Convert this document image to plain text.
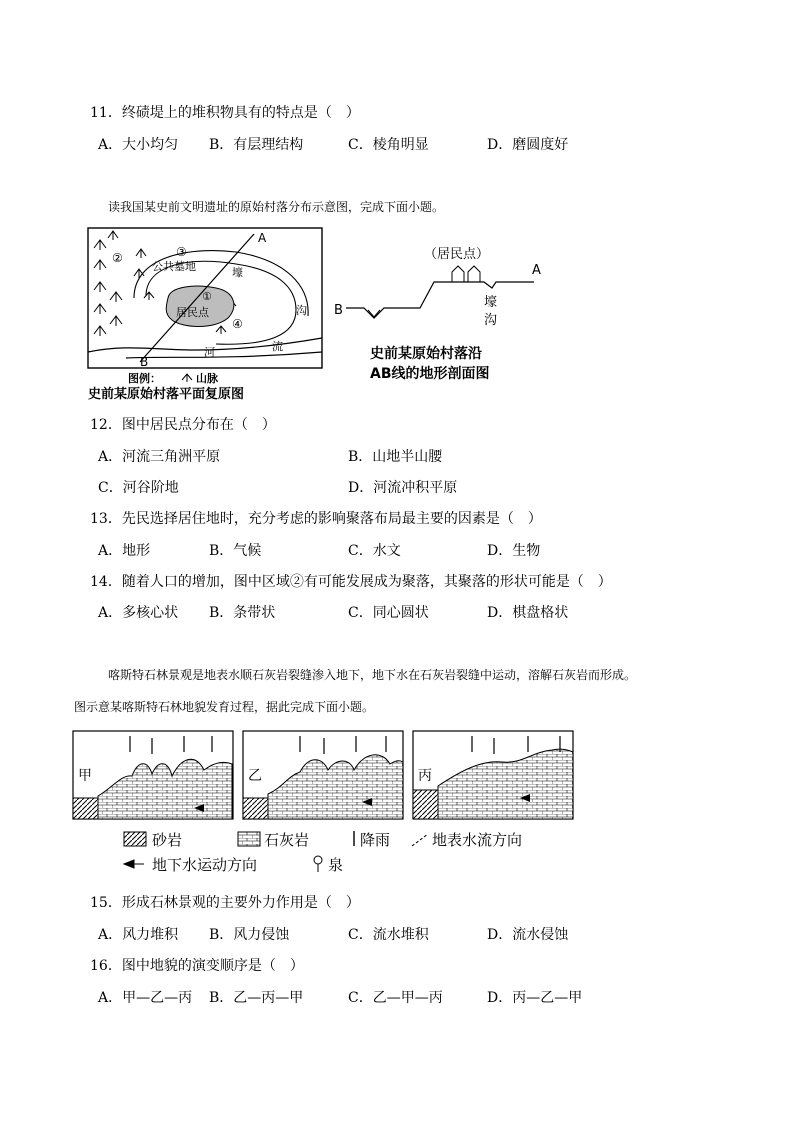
11．终碛堤上的堆积物具有的特点是（　）
A．大小均匀 B．有层理结构	C．棱角明显	D．磨圆度好
读我国某史前文明遗址的原始村落分布示意图，完成下面小题。
A
B
②	③
①
④
公共墓地	壕
沟
居民点
河	流
图例：	山脉
史前某原始村落平面复原图
（居民点）
A
B
壕
沟
史前某原始村落沿
AB线的地形剖面图
12．图中居民点分布在（　）
A．河流三角洲平原	B．山地半山腰
C．河谷阶地	D．河流冲积平原
13．先民选择居住地时，充分考虑的影响聚落布局最主要的因素是（　）
A．地形	B．气候	C．水文	D．生物
14．随着人口的增加，图中区域②有可能发展成为聚落，其聚落的形状可能是（　）
A．多核心状 B．条带状	C．同心圆状	D．棋盘格状
喀斯特石林景观是地表水顺石灰岩裂缝渗入地下，地下水在石灰岩裂缝中运动，溶解石灰岩而形成。
图示意某喀斯特石林地貌发育过程，据此完成下面小题。
甲	乙	丙
砂岩	石灰岩	降雨	地表水流方向
地下水运动方向	泉
15．形成石林景观的主要外力作用是（　）
A．风力堆积 B．风力侵蚀	C．流水堆积	D．流水侵蚀
16．图中地貌的演变顺序是（　）
A．甲—乙—丙 B．乙—丙—甲	C．乙—甲—丙	D．丙—乙—甲
